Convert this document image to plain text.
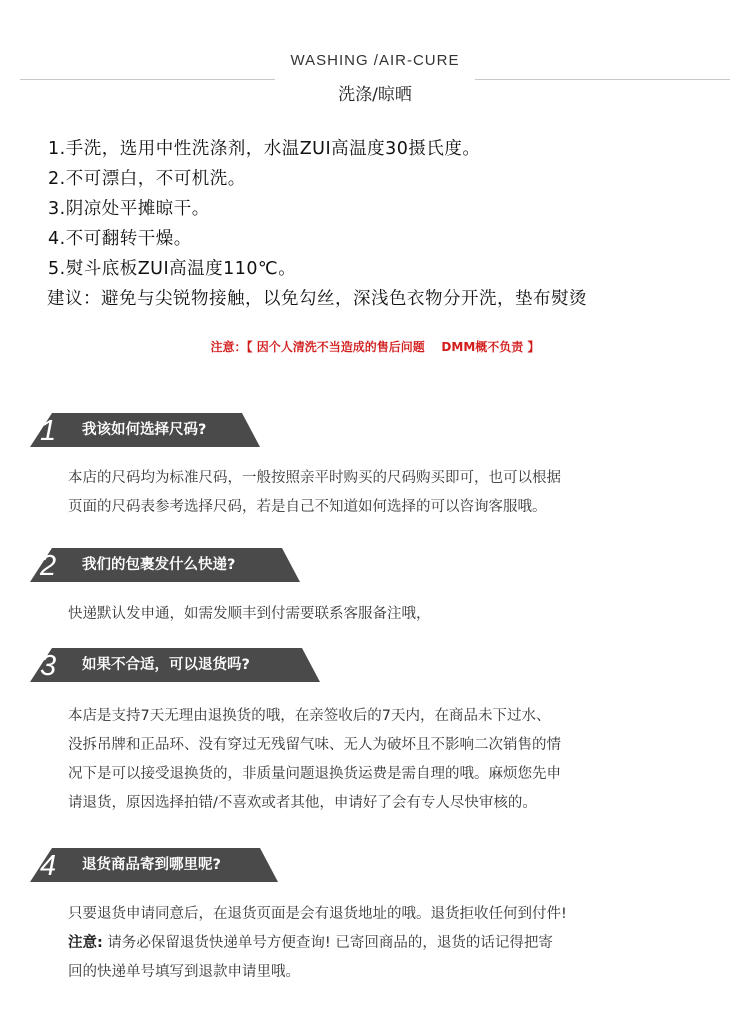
WASHING /AIR-CURE
洗涤/晾晒
1.手洗，选用中性洗涤剂，水温ZUI高温度30摄氏度。
2.不可漂白，不可机洗。
3.阴凉处平摊晾干。
4.不可翻转干燥。
5.熨斗底板ZUI高温度110℃。
建议：避免与尖锐物接触，以免勾丝，深浅色衣物分开洗，垫布熨烫
注意：【 因个人清洗不当造成的售后问题    DMM概不负责 】
1 我该如何选择尺码?
本店的尺码均为标准尺码，一般按照亲平时购买的尺码购买即可，也可以根据
页面的尺码表参考选择尺码，若是自己不知道如何选择的可以咨询客服哦。
2 我们的包裹发什么快递?
快递默认发申通，如需发顺丰到付需要联系客服备注哦，
3 如果不合适，可以退货吗?
本店是支持7天无理由退换货的哦，在亲签收后的7天内，在商品未下过水、
没拆吊牌和正品环、没有穿过无残留气味、无人为破坏且不影响二次销售的情
况下是可以接受退换货的，非质量问题退换货运费是需自理的哦。麻烦您先申
请退货，原因选择拍错/不喜欢或者其他，申请好了会有专人尽快审核的。
4 退货商品寄到哪里呢?
只要退货申请同意后，在退货页面是会有退货地址的哦。退货拒收任何到付件!
注意: 请务必保留退货快递单号方便查询! 已寄回商品的，退货的话记得把寄
回的快递单号填写到退款申请里哦。
